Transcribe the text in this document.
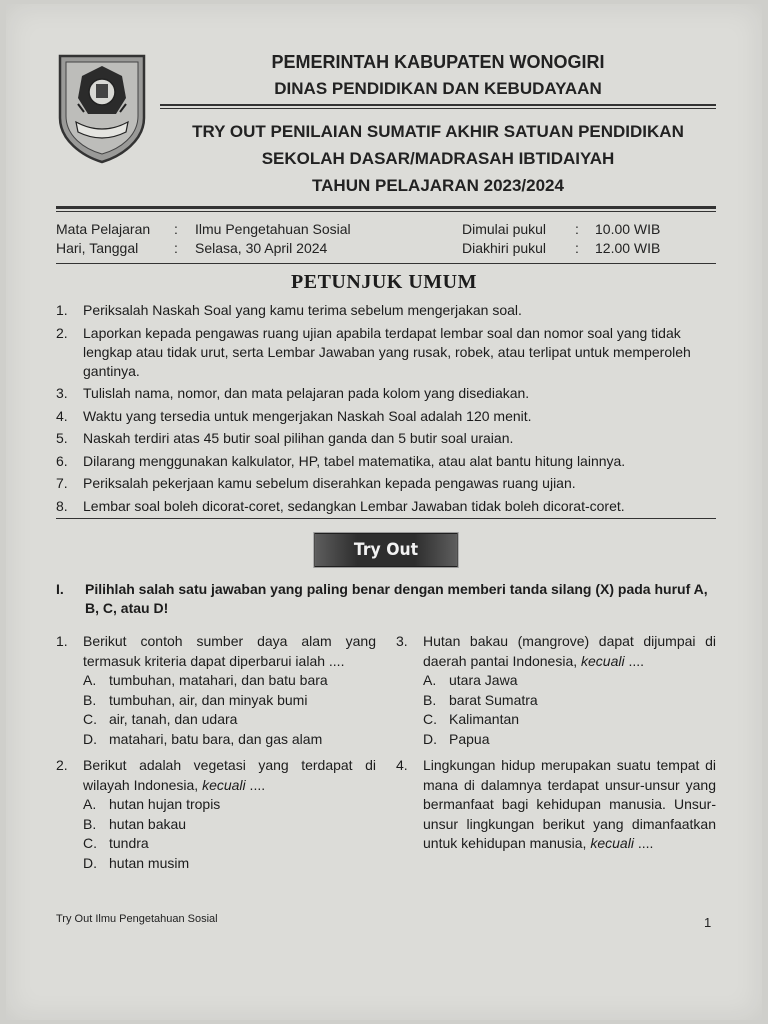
PEMERINTAH KABUPATEN WONOGIRI
DINAS PENDIDIKAN DAN KEBUDAYAAN
TRY OUT PENILAIAN SUMATIF AKHIR SATUAN PENDIDIKAN
SEKOLAH DASAR/MADRASAH IBTIDAIYAH
TAHUN PELAJARAN 2023/2024
Mata Pelajaran : Ilmu Pengetahuan Sosial
Hari, Tanggal	: Selasa, 30 April 2024
Dimulai pukul : 10.00 WIB
Diakhiri pukul : 12.00 WIB
PETUNJUK UMUM
1.	Periksalah Naskah Soal yang kamu terima sebelum mengerjakan soal.
2.	Laporkan kepada pengawas ruang ujian apabila terdapat lembar soal dan nomor soal yang tidak lengkap atau tidak urut, serta Lembar Jawaban yang rusak, robek, atau terlipat untuk memperoleh gantinya.
3.	Tulislah nama, nomor, dan mata pelajaran pada kolom yang disediakan.
4.	Waktu yang tersedia untuk mengerjakan Naskah Soal adalah 120 menit.
5.	Naskah terdiri atas 45 butir soal pilihan ganda dan 5 butir soal uraian.
6.	Dilarang menggunakan kalkulator, HP, tabel matematika, atau alat bantu hitung lainnya.
7.	Periksalah pekerjaan kamu sebelum diserahkan kepada pengawas ruang ujian.
8.	Lembar soal boleh dicorat-coret, sedangkan Lembar Jawaban tidak boleh dicorat-coret.
Try Out
I.	Pilihlah salah satu jawaban yang paling benar dengan memberi tanda silang (X) pada huruf A, B, C, atau D!
1.	Berikut contoh sumber daya alam yang termasuk kriteria dapat diperbarui ialah ....
A. tumbuhan, matahari, dan batu bara
B. tumbuhan, air, dan minyak bumi
C. air, tanah, dan udara
D. matahari, batu bara, dan gas alam
2.	Berikut adalah vegetasi yang terdapat di wilayah Indonesia, kecuali ....
A. hutan hujan tropis
B. hutan bakau
C. tundra
D. hutan musim
3.	Hutan bakau (mangrove) dapat dijumpai di daerah pantai Indonesia, kecuali ....
A. utara Jawa
B. barat Sumatra
C. Kalimantan
D. Papua
4.	Lingkungan hidup merupakan suatu tempat di mana di dalamnya terdapat unsur-unsur yang bermanfaat bagi kehidupan manusia. Unsur-unsur lingkungan berikut yang dimanfaatkan untuk kehidupan manusia, kecuali ....
Try Out Ilmu Pengetahuan Sosial	1
